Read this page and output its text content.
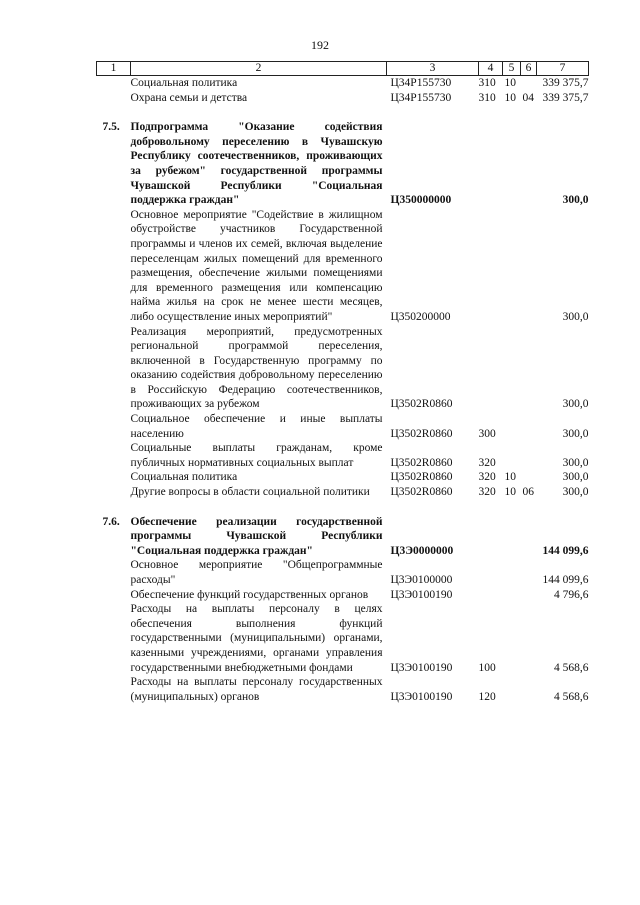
192
1	2	3	4	5	6	7
	Социальная политика	Ц34Р155730	310	10		339 375,7
	Охрана семьи и детства	Ц34Р155730	310	10	04	339 375,7

7.5.	Подпрограмма "Оказание содействия добровольному переселению в Чувашскую Республику соотечественников, проживающих за рубежом" государственной программы Чувашской Республики "Социальная поддержка граждан"	Ц350000000				300,0
	Основное мероприятие "Содействие в жилищном обустройстве участников Государственной программы и членов их семей, включая выделение переселенцам жилых помещений для временного размещения, обеспечение жилыми помещениями для временного размещения или компенсацию найма жилья на срок не менее шести месяцев, либо осуществление иных мероприятий"	Ц350200000				300,0
	Реализация мероприятий, предусмотренных региональной программой переселения, включенной в Государственную программу по оказанию содействия добровольному переселению в Российскую Федерацию соотечественников, проживающих за рубежом	Ц3502R0860				300,0
	Социальное обеспечение и иные выплаты населению	Ц3502R0860	300			300,0
	Социальные выплаты гражданам, кроме публичных нормативных социальных выплат	Ц3502R0860	320			300,0
	Социальная политика	Ц3502R0860	320	10		300,0
	Другие вопросы в области социальной политики	Ц3502R0860	320	10	06	300,0

7.6.	Обеспечение реализации государственной программы Чувашской Республики "Социальная поддержка граждан"	Ц3Э0000000				144 099,6
	Основное мероприятие "Общепрограммные расходы"	Ц3Э0100000				144 099,6
	Обеспечение функций государственных органов	Ц3Э0100190				4 796,6
	Расходы на выплаты персоналу в целях обеспечения выполнения функций государственными (муниципальными) органами, казенными учреждениями, органами управления государственными внебюджетными фондами	Ц3Э0100190	100			4 568,6
	Расходы на выплаты персоналу государственных (муниципальных) органов	Ц3Э0100190	120			4 568,6
